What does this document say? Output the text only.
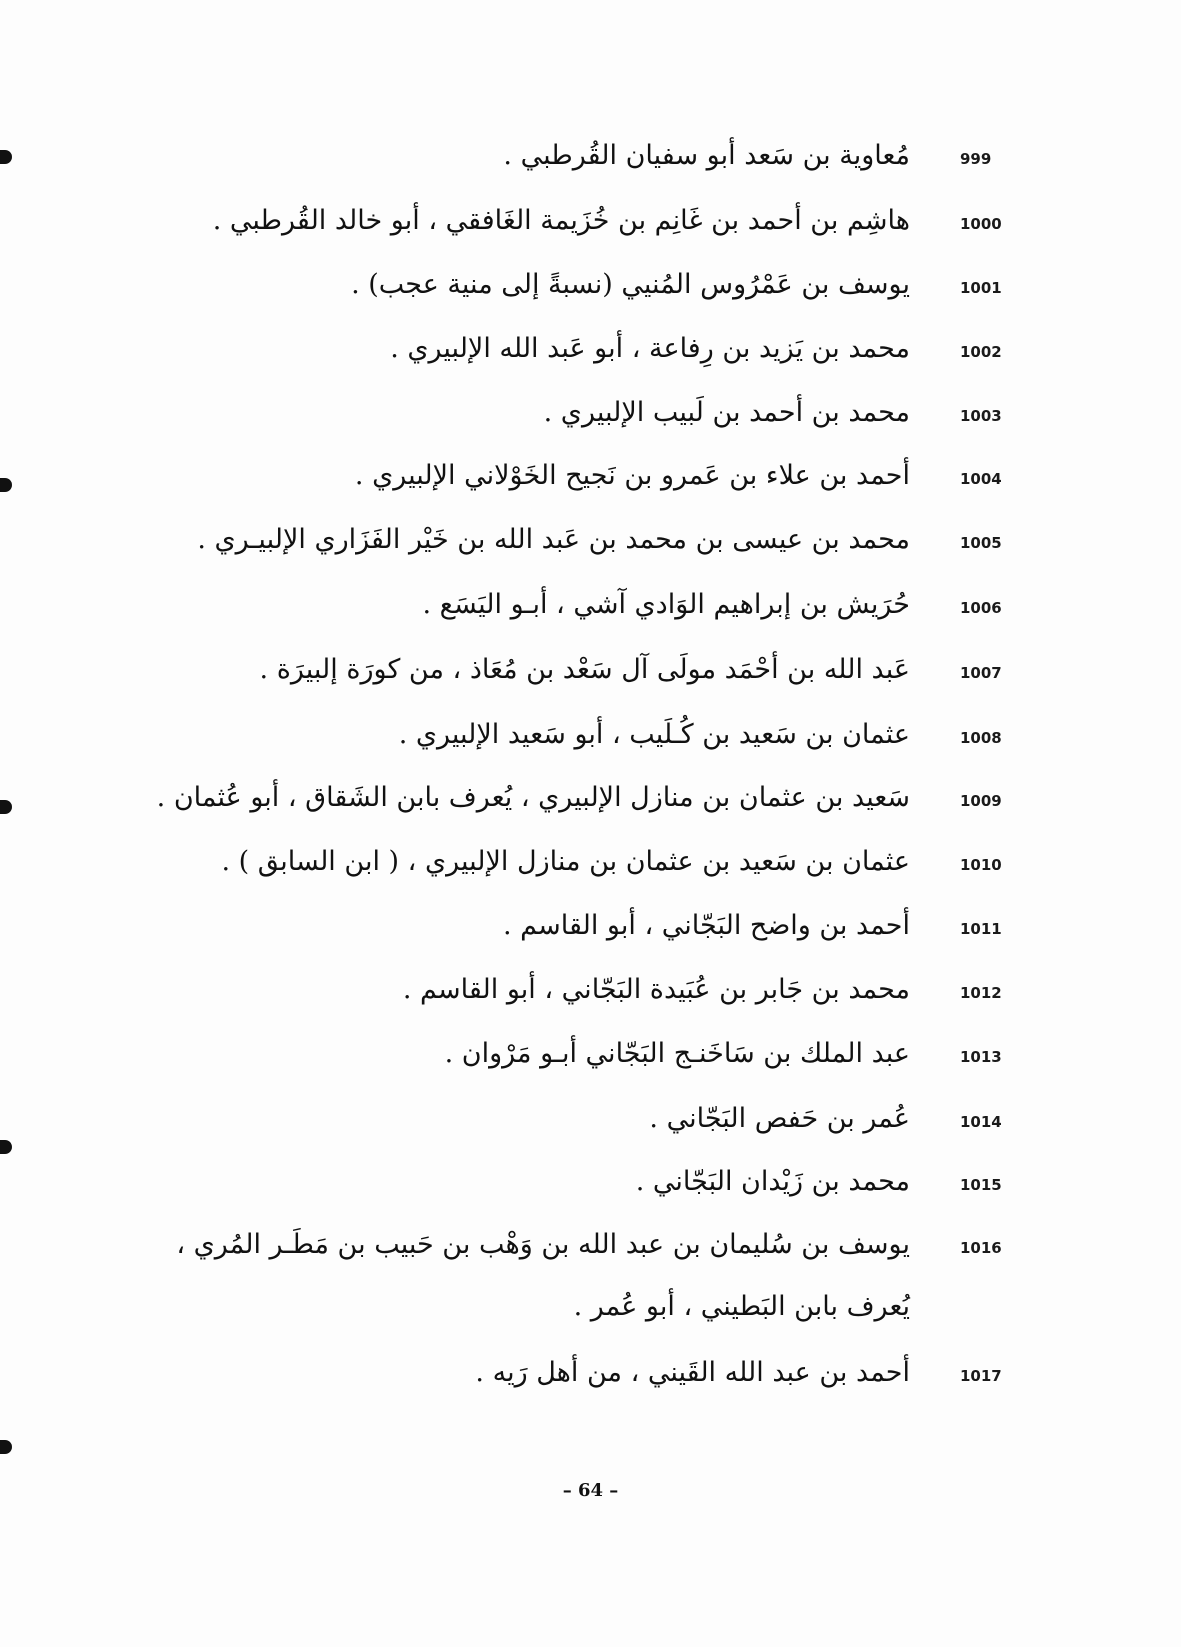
999
مُعاوية بن سَعد أبو سفيان القُرطبي .
1000
هاشِم بن أحمد بن غَانِم بن خُزَيمة الغَافقي ، أبو خالد القُرطبي .
1001
يوسف بن عَمْرُوس المُنيي (نسبةً إلى منية عجب) .
1002
محمد بن يَزيد بن رِفاعة ، أبو عَبد الله الإلبيري .
1003
محمد بن أحمد بن لَبيب الإلبيري .
1004
أحمد بن علاء بن عَمرو بن نَجيح الخَوْلاني الإلبيري .
1005
محمد بن عيسى بن محمد بن عَبد الله بن خَيْر الفَزَاري الإلبيـري .
1006
حُرَيش بن إبراهيم الوَادي آشي ، أبـو اليَسَع .
1007
عَبد الله بن أحْمَد مولَى آل سَعْد بن مُعَاذ ، من كورَة إلبيرَة .
1008
عثمان بن سَعيد بن كُـلَيب ، أبو سَعيد الإلبيري .
1009
سَعيد بن عثمان بن منازل الإلبيري ، يُعرف بابن الشَقاق ، أبو عُثمان .
1010
عثمان بن سَعيد بن عثمان بن منازل الإلبيري ، ( ابن السابق ) .
1011
أحمد بن واضح البَجّاني ، أبو القاسم .
1012
محمد بن جَابر بن عُبَيدة البَجّاني ، أبو القاسم .
1013
عبد الملك بن سَاخَنـج البَجّاني أبـو مَرْوان .
1014
عُمر بن حَفص البَجّاني .
1015
محمد بن زَيْدان البَجّاني .
1016
يوسف بن سُليمان بن عبد الله بن وَهْب بن حَبيب بن مَطَـر المُري ،
يُعرف بابن البَطيني ، أبو عُمر .
1017
أحمد بن عبد الله القَيني ، من أهل رَيه .
– 64 –
